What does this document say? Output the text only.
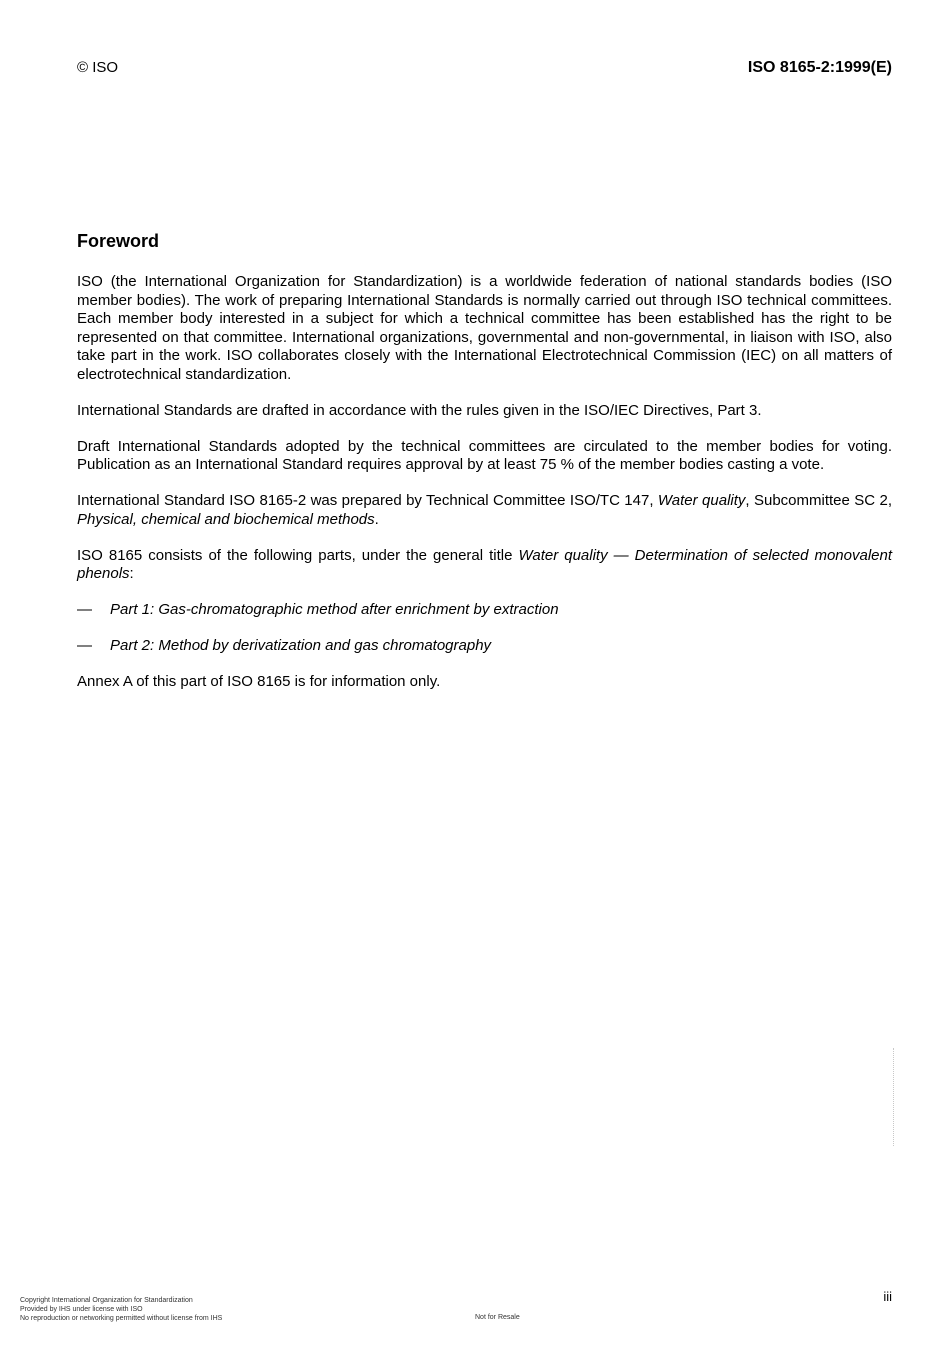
© ISO	ISO 8165-2:1999(E)
Foreword

ISO (the International Organization for Standardization) is a worldwide federation of national standards bodies (ISO member bodies). The work of preparing International Standards is normally carried out through ISO technical committees. Each member body interested in a subject for which a technical committee has been established has the right to be represented on that committee. International organizations, governmental and non-governmental, in liaison with ISO, also take part in the work. ISO collaborates closely with the International Electrotechnical Commission (IEC) on all matters of electrotechnical standardization.

International Standards are drafted in accordance with the rules given in the ISO/IEC Directives, Part 3.

Draft International Standards adopted by the technical committees are circulated to the member bodies for voting. Publication as an International Standard requires approval by at least 75 % of the member bodies casting a vote.

International Standard ISO 8165-2 was prepared by Technical Committee ISO/TC 147, Water quality, Subcommittee SC 2, Physical, chemical and biochemical methods.

ISO 8165 consists of the following parts, under the general title Water quality — Determination of selected monovalent phenols:

—	Part 1: Gas-chromatographic method after enrichment by extraction
—	Part 2: Method by derivatization and gas chromatography

Annex A of this part of ISO 8165 is for information only.

iii
Copyright International Organization for Standardization
Provided by IHS under license with ISO
No reproduction or networking permitted without license from IHS	Not for Resale
